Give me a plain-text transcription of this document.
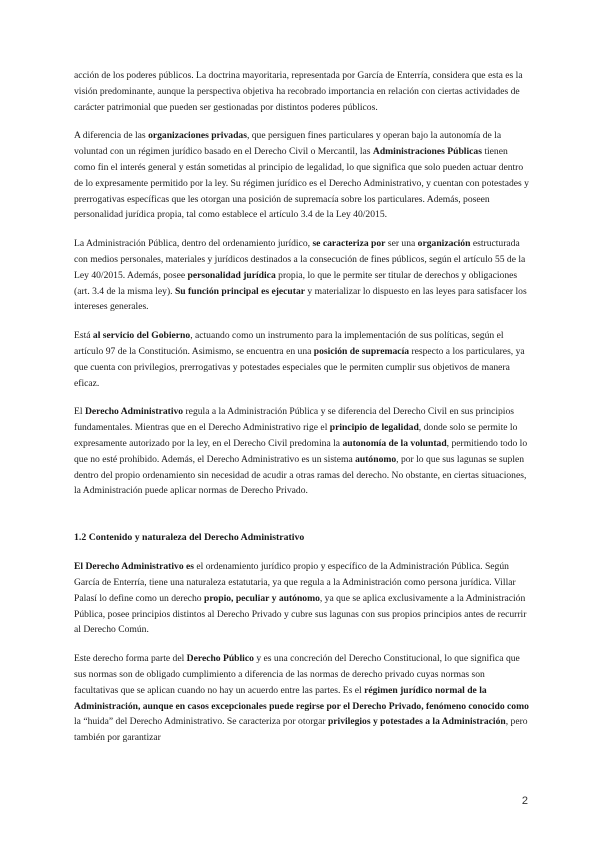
acción de los poderes públicos. La doctrina mayoritaria, representada por García de Enterría, considera que esta es la visión predominante, aunque la perspectiva objetiva ha recobrado importancia en relación con ciertas actividades de carácter patrimonial que pueden ser gestionadas por distintos poderes públicos.

A diferencia de las organizaciones privadas, que persiguen fines particulares y operan bajo la autonomía de la voluntad con un régimen jurídico basado en el Derecho Civil o Mercantil, las Administraciones Públicas tienen como fin el interés general y están sometidas al principio de legalidad, lo que significa que solo pueden actuar dentro de lo expresamente permitido por la ley. Su régimen jurídico es el Derecho Administrativo, y cuentan con potestades y prerrogativas específicas que les otorgan una posición de supremacía sobre los particulares. Además, poseen personalidad jurídica propia, tal como establece el artículo 3.4 de la Ley 40/2015.

La Administración Pública, dentro del ordenamiento jurídico, se caracteriza por ser una organización estructurada con medios personales, materiales y jurídicos destinados a la consecución de fines públicos, según el artículo 55 de la Ley 40/2015. Además, posee personalidad jurídica propia, lo que le permite ser titular de derechos y obligaciones (art. 3.4 de la misma ley). Su función principal es ejecutar y materializar lo dispuesto en las leyes para satisfacer los intereses generales.

Está al servicio del Gobierno, actuando como un instrumento para la implementación de sus políticas, según el artículo 97 de la Constitución. Asimismo, se encuentra en una posición de supremacía respecto a los particulares, ya que cuenta con privilegios, prerrogativas y potestades especiales que le permiten cumplir sus objetivos de manera eficaz.

El Derecho Administrativo regula a la Administración Pública y se diferencia del Derecho Civil en sus principios fundamentales. Mientras que en el Derecho Administrativo rige el principio de legalidad, donde solo se permite lo expresamente autorizado por la ley, en el Derecho Civil predomina la autonomía de la voluntad, permitiendo todo lo que no esté prohibido. Además, el Derecho Administrativo es un sistema autónomo, por lo que sus lagunas se suplen dentro del propio ordenamiento sin necesidad de acudir a otras ramas del derecho. No obstante, en ciertas situaciones, la Administración puede aplicar normas de Derecho Privado.

1.2 Contenido y naturaleza del Derecho Administrativo

El Derecho Administrativo es el ordenamiento jurídico propio y específico de la Administración Pública. Según García de Enterría, tiene una naturaleza estatutaria, ya que regula a la Administración como persona jurídica. Villar Palasí lo define como un derecho propio, peculiar y autónomo, ya que se aplica exclusivamente a la Administración Pública, posee principios distintos al Derecho Privado y cubre sus lagunas con sus propios principios antes de recurrir al Derecho Común.

Este derecho forma parte del Derecho Público y es una concreción del Derecho Constitucional, lo que significa que sus normas son de obligado cumplimiento a diferencia de las normas de derecho privado cuyas normas son facultativas que se aplican cuando no hay un acuerdo entre las partes. Es el régimen jurídico normal de la Administración, aunque en casos excepcionales puede regirse por el Derecho Privado, fenómeno conocido como la “huida” del Derecho Administrativo. Se caracteriza por otorgar privilegios y potestades a la Administración, pero también por garantizar

2
